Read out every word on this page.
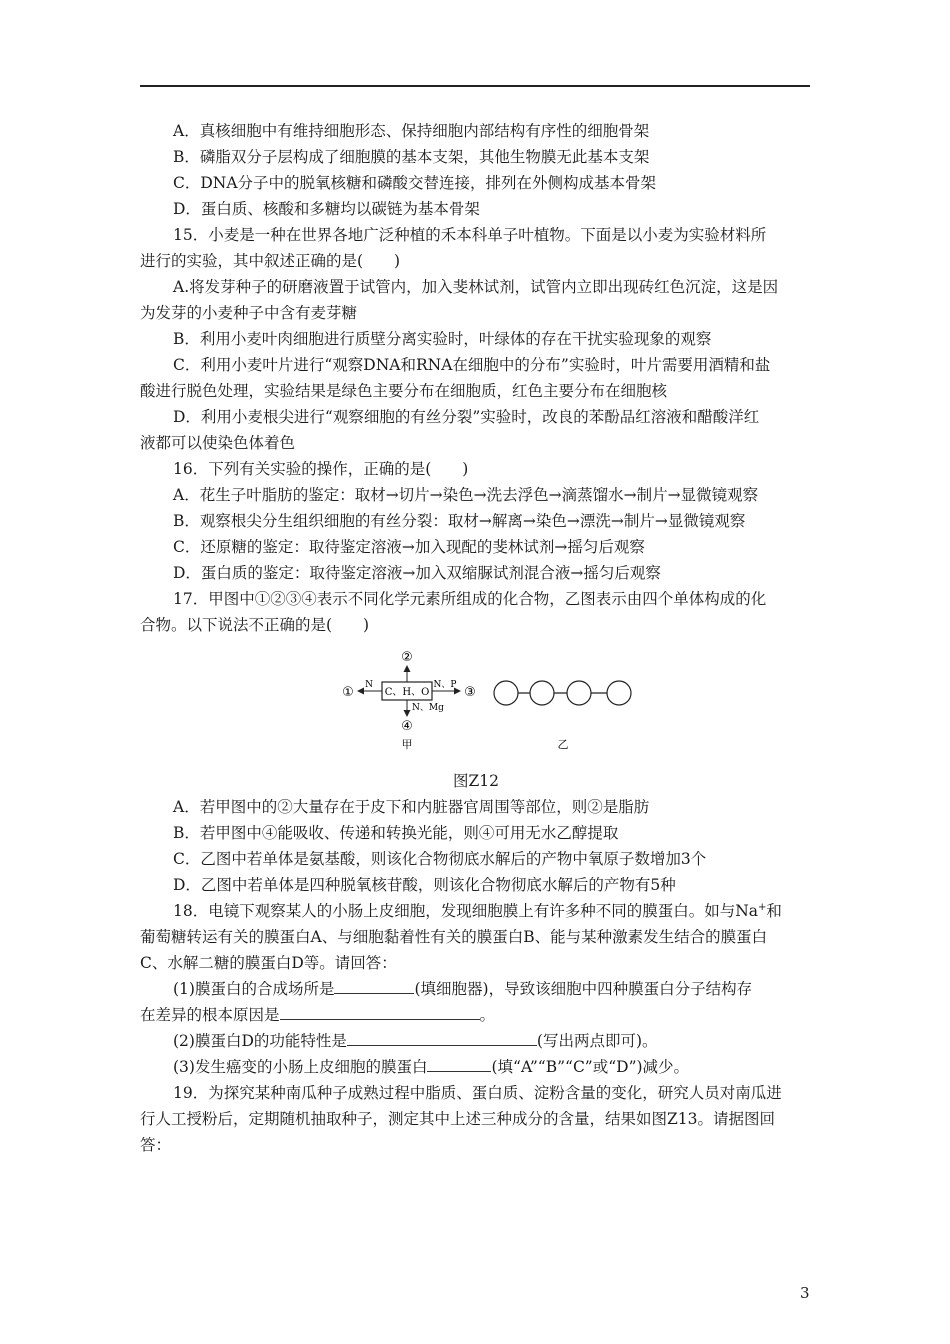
A．真核细胞中有维持细胞形态、保持细胞内部结构有序性的细胞骨架
B．磷脂双分子层构成了细胞膜的基本支架，其他生物膜无此基本支架
C．DNA分子中的脱氧核糖和磷酸交替连接，排列在外侧构成基本骨架
D．蛋白质、核酸和多糖均以碳链为基本骨架
15．小麦是一种在世界各地广泛种植的禾本科单子叶植物。下面是以小麦为实验材料所
进行的实验，其中叙述正确的是(　　)
A.将发芽种子的研磨液置于试管内，加入斐林试剂，试管内立即出现砖红色沉淀，这是因
为发芽的小麦种子中含有麦芽糖
B．利用小麦叶肉细胞进行质壁分离实验时，叶绿体的存在干扰实验现象的观察
C．利用小麦叶片进行“观察DNA和RNA在细胞中的分布”实验时，叶片需要用酒精和盐
酸进行脱色处理，实验结果是绿色主要分布在细胞质，红色主要分布在细胞核
D．利用小麦根尖进行“观察细胞的有丝分裂”实验时，改良的苯酚品红溶液和醋酸洋红
液都可以使染色体着色
16．下列有关实验的操作，正确的是(　　)
A．花生子叶脂肪的鉴定：取材→切片→染色→洗去浮色→滴蒸馏水→制片→显微镜观察
B．观察根尖分生组织细胞的有丝分裂：取材→解离→染色→漂洗→制片→显微镜观察
C．还原糖的鉴定：取待鉴定溶液→加入现配的斐林试剂→摇匀后观察
D．蛋白质的鉴定：取待鉴定溶液→加入双缩脲试剂混合液→摇匀后观察
17．甲图中①②③④表示不同化学元素所组成的化合物，乙图表示由四个单体构成的化
合物。以下说法不正确的是(　　)
C、H、O
②
N
①	N、P ③
N、Mg
④
甲	乙
图Z12
A．若甲图中的②大量存在于皮下和内脏器官周围等部位，则②是脂肪
B．若甲图中④能吸收、传递和转换光能，则④可用无水乙醇提取
C．乙图中若单体是氨基酸，则该化合物彻底水解后的产物中氧原子数增加3个
D．乙图中若单体是四种脱氧核苷酸，则该化合物彻底水解后的产物有5种
18．电镜下观察某人的小肠上皮细胞，发现细胞膜上有许多种不同的膜蛋白。如与Na+和
葡萄糖转运有关的膜蛋白A、与细胞黏着性有关的膜蛋白B、能与某种激素发生结合的膜蛋白
C、水解二糖的膜蛋白D等。请回答：
(1)膜蛋白的合成场所是	(填细胞器)，导致该细胞中四种膜蛋白分子结构存
在差异的根本原因是	。
(2)膜蛋白D的功能特性是	(写出两点即可)。
(3)发生癌变的小肠上皮细胞的膜蛋白	(填“A”“B”“C”或“D”)减少。
19．为探究某种南瓜种子成熟过程中脂质、蛋白质、淀粉含量的变化，研究人员对南瓜进
行人工授粉后，定期随机抽取种子，测定其中上述三种成分的含量，结果如图Z13。请据图回
答：
3
